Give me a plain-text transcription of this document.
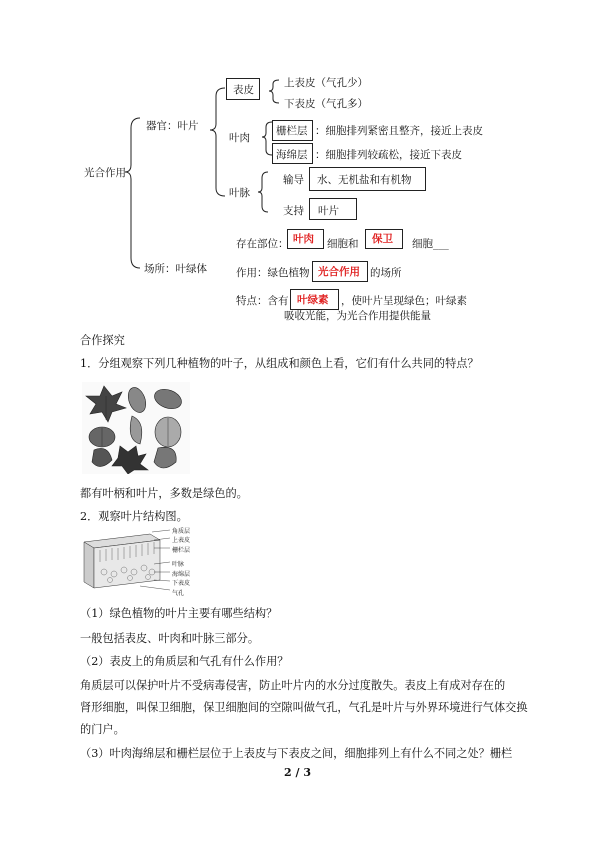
光合作用
器官：叶片
表皮
上表皮（气孔少）
下表皮（气孔多）
叶肉
栅栏层 ：细胞排列紧密且整齐，接近上表皮
海绵层 ：细胞排列较疏松，接近下表皮
叶脉
输导 水、无机盐和有机物
支持 叶片
场所：叶绿体
存在部位： 叶肉 细胞和 保卫 细胞___
作用：绿色植物 光合作用 的场所
特点：含有 叶绿素 ，使叶片呈现绿色；叶绿素
吸收光能，为光合作用提供能量
合作探究
1．分组观察下列几种植物的叶子，从组成和颜色上看，它们有什么共同的特点？
都有叶柄和叶片，多数是绿色的。
2．观察叶片结构图。
角质层
上表皮
栅栏层
叶脉
海绵层
下表皮
气孔
（1）绿色植物的叶片主要有哪些结构？
一般包括表皮、叶肉和叶脉三部分。
（2）表皮上的角质层和气孔有什么作用？
角质层可以保护叶片不受病毒侵害，防止叶片内的水分过度散失。表皮上有成对存在的
肾形细胞，叫保卫细胞，保卫细胞间的空隙叫做气孔，气孔是叶片与外界环境进行气体交换
的门户。
（3）叶肉海绵层和栅栏层位于上表皮与下表皮之间，细胞排列上有什么不同之处？栅栏
2 / 3
